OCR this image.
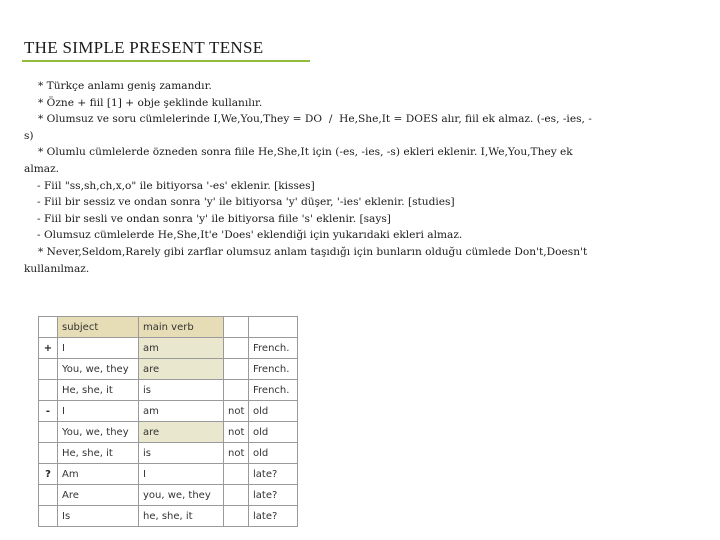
THE SIMPLE PRESENT TENSE
* Türkçe anlamı geniş zamandır.
* Özne + fiil [1] + obje şeklinde kullanılır.
* Olumsuz ve soru cümlelerinde I,We,You,They = DO  /  He,She,It = DOES alır, fiil ek almaz. (-es, -ies, -
s)
* Olumlu cümlelerde özneden sonra fiile He,She,It için (-es, -ies, -s) ekleri eklenir. I,We,You,They ek
almaz.
- Fiil "ss,sh,ch,x,o" ile bitiyorsa '-es' eklenir. [kisses]
- Fiil bir sessiz ve ondan sonra 'y' ile bitiyorsa 'y' düşer, '-ies' eklenir. [studies]
- Fiil bir sesli ve ondan sonra 'y' ile bitiyorsa fiile 's' eklenir. [says]
- Olumsuz cümlelerde He,She,It'e 'Does' eklendiği için yukarıdaki ekleri almaz.
* Never,Seldom,Rarely gibi zarflar olumsuz anlam taşıdığı için bunların olduğu cümlede Don't,Doesn't
kullanılmaz.
	subject	main verb		
+	I	am		French.
	You, we, they	are		French.
	He, she, it	is		French.
-	I	am	not	old
	You, we, they	are	not	old
	He, she, it	is	not	old
?	Am	I		late?
	Are	you, we, they		late?
	Is	he, she, it		late?
